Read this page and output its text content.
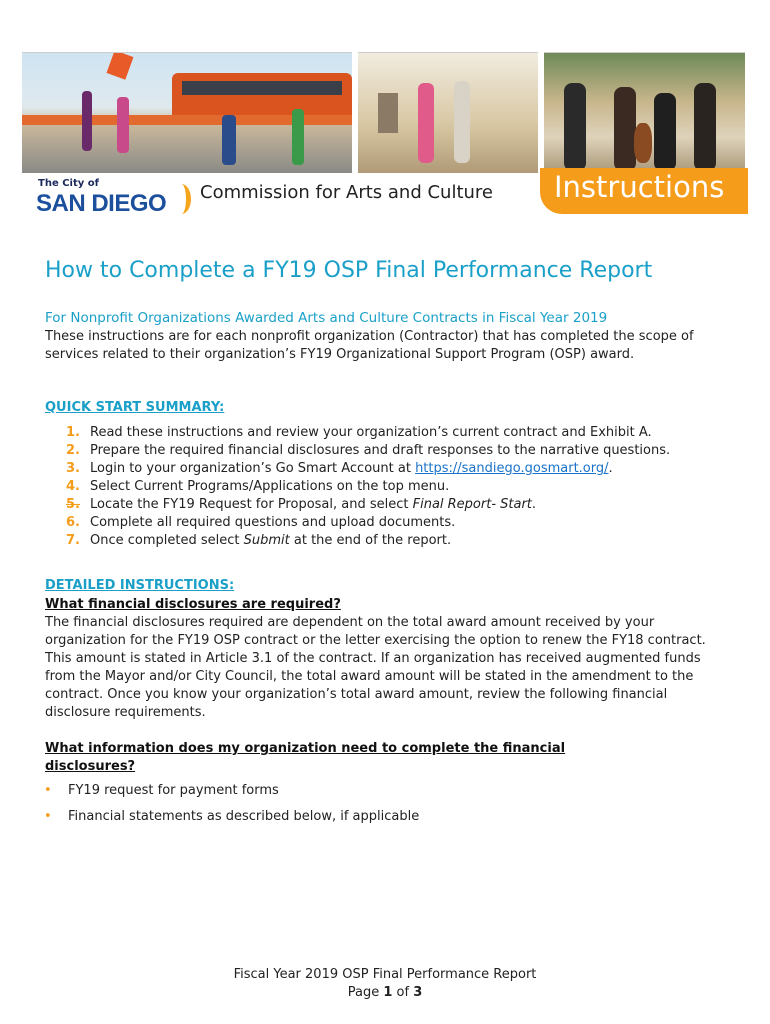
The City of
SAN DIEGO Commission for Arts and Culture Instructions
How to Complete a FY19 OSP Final Performance Report
For Nonprofit Organizations Awarded Arts and Culture Contracts in Fiscal Year 2019
These instructions are for each nonprofit organization (Contractor) that has completed the scope of services related to their organization’s FY19 Organizational Support Program (OSP) award.
QUICK START SUMMARY:
1. Read these instructions and review your organization’s current contract and Exhibit A.
2. Prepare the required financial disclosures and draft responses to the narrative questions.
3. Login to your organization’s Go Smart Account at https://sandiego.gosmart.org/.
4. Select Current Programs/Applications on the top menu.
5. Locate the FY19 Request for Proposal, and select Final Report- Start.
6. Complete all required questions and upload documents.
7. Once completed select Submit at the end of the report.
DETAILED INSTRUCTIONS:
What financial disclosures are required?
The financial disclosures required are dependent on the total award amount received by your organization for the FY19 OSP contract or the letter exercising the option to renew the FY18 contract. This amount is stated in Article 3.1 of the contract. If an organization has received augmented funds from the Mayor and/or City Council, the total award amount will be stated in the amendment to the contract. Once you know your organization’s total award amount, review the following financial disclosure requirements.
What information does my organization need to complete the financial disclosures?
• FY19 request for payment forms
• Financial statements as described below, if applicable
Fiscal Year 2019 OSP Final Performance Report
Page 1 of 3
